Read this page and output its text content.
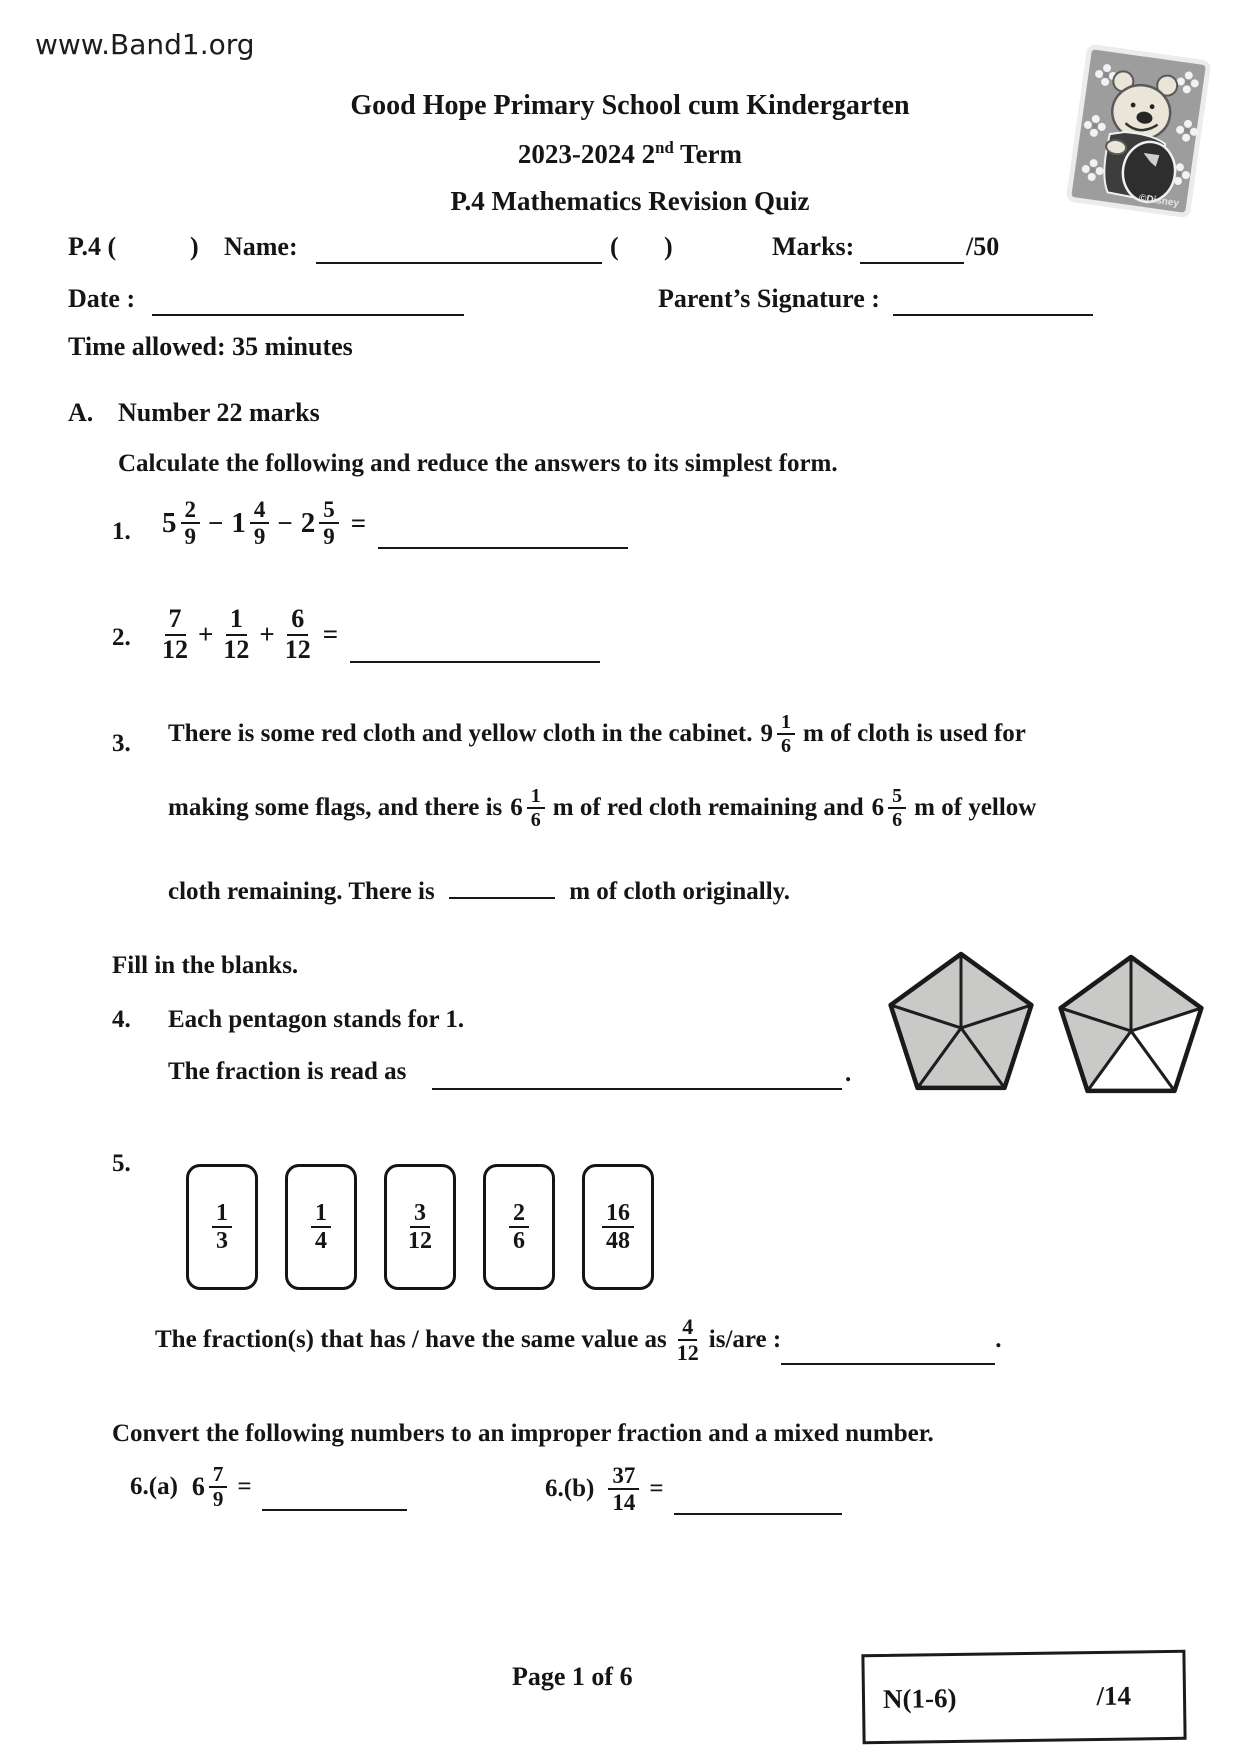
www.Band1.org
Good Hope Primary School cum Kindergarten
2023-2024 2nd Term
P.4 Mathematics Revision Quiz	©Disney
P.4 (	) Name:	( )	Marks:	/50
Date :	Parent’s Signature :
Time allowed: 35 minutes
A. Number 22 marks
Calculate the following and reduce the answers to its simplest form.
1. $5 \frac{2}{9} - 1 \frac{4}{9} - 2 \frac{5}{9}$ =
2. $\frac{7}{12} + \frac{1}{12} + \frac{6}{12}$ =
3. There is some red cloth and yellow cloth in the cabinet. $9 \frac{1}{6}$ m of cloth is used for
making some flags, and there is $6 \frac{1}{6}$ m of red cloth remaining and $6 \frac{5}{6}$ m of yellow
cloth remaining. There is	m of cloth originally.
Fill in the blanks.
4. Each pentagon stands for 1.
The fraction is read as	.
5.
$\frac{1}{3}$	$\frac{1}{4}$	$\frac{3}{12}$	$\frac{2}{6}$	$\frac{16}{48}$
The fraction(s) that has / have the same value as $\frac{4}{12} is/are$ :	.
Convert the following numbers to an improper fraction and a mixed number.
6.(a) $6 \frac{7}{9}$ =	$6.(b) \frac{37}{14}$ =
Page 1 of 6
N(1-6)	/14
